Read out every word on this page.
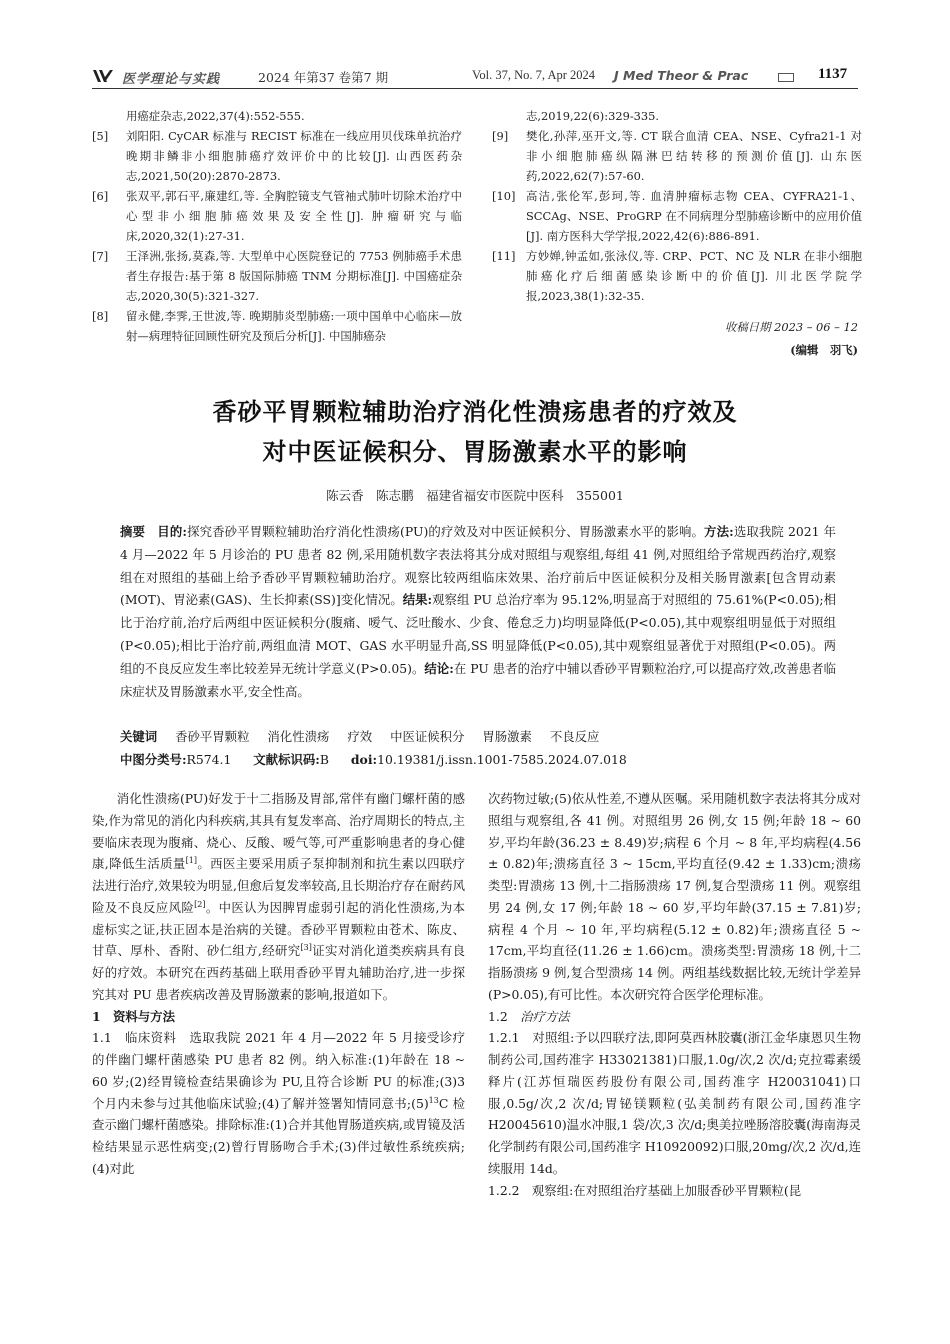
医学理论与实践	2024 年第37 卷第7 期	Vol. 37, No. 7, Apr 2024 J Med Theor & Prac	1137
用癌症杂志,2022,37(4):552-555.
[5]	刘阳阳. CyCAR 标准与 RECIST 标准在一线应用贝伐珠单抗治疗晚期非鳞非小细胞肺癌疗效评价中的比较[J]. 山西医药杂志,2021,50(20):2870-2873.
[6]	张双平,郭石平,廉建红,等. 全胸腔镜支气管袖式肺叶切除术治疗中心型非小细胞肺癌效果及安全性[J]. 肿瘤研究与临床,2020,32(1):27-31.
[7]	王泽洲,张扬,莫森,等. 大型单中心医院登记的 7753 例肺癌手术患者生存报告:基于第 8 版国际肺癌 TNM 分期标准[J]. 中国癌症杂志,2020,30(5):321-327.
[8]	留永健,李霁,王世波,等. 晚期肺炎型肺癌:一项中国单中心临床—放射—病理特征回顾性研究及预后分析[J]. 中国肺癌杂
志,2019,22(6):329-335.
[9]	樊化,孙萍,巫开文,等. CT 联合血清 CEA、NSE、Cyfra21-1 对非小细胞肺癌纵隔淋巴结转移的预测价值[J]. 山东医药,2022,62(7):57-60.
[10] 高洁,张伦军,彭珂,等. 血清肿瘤标志物 CEA、CYFRA21-1、SCCAg、NSE、ProGRP 在不同病理分型肺癌诊断中的应用价值[J]. 南方医科大学学报,2022,42(6):886-891.
[11] 方妙婵,钟孟如,张泳仪,等. CRP、PCT、NC 及 NLR 在非小细胞肺癌化疗后细菌感染诊断中的价值[J]. 川北医学院学报,2023,38(1):32-35.
收稿日期 2023 – 06 – 12
(编辑　羽飞)
香砂平胃颗粒辅助治疗消化性溃疡患者的疗效及
对中医证候积分、胃肠激素水平的影响
陈云香　陈志鹏　福建省福安市医院中医科　355001
摘要 目的:探究香砂平胃颗粒辅助治疗消化性溃疡(PU)的疗效及对中医证候积分、胃肠激素水平的影响。方法:选取我院 2021 年 4 月—2022 年 5 月诊治的 PU 患者 82 例,采用随机数字表法将其分成对照组与观察组,每组 41 例,对照组给予常规西药治疗,观察组在对照组的基础上给予香砂平胃颗粒辅助治疗。观察比较两组临床效果、治疗前后中医证候积分及相关肠胃激素[包含胃动素(MOT)、胃泌素(GAS)、生长抑素(SS)]变化情况。结果:观察组 PU 总治疗率为 95.12%,明显高于对照组的 75.61%(P<0.05);相比于治疗前,治疗后两组中医证候积分(腹痛、嗳气、泛吐酸水、少食、倦怠乏力)均明显降低(P<0.05),其中观察组明显低于对照组(P<0.05);相比于治疗前,两组血清 MOT、GAS 水平明显升高,SS 明显降低(P<0.05),其中观察组显著优于对照组(P<0.05)。两组的不良反应发生率比较差异无统计学意义(P>0.05)。结论:在 PU 患者的治疗中辅以香砂平胃颗粒治疗,可以提高疗效,改善患者临床症状及胃肠激素水平,安全性高。
关键词 香砂平胃颗粒 消化性溃疡 疗效 中医证候积分 胃肠激素 不良反应
中图分类号:R574.1 文献标识码:B doi:10.19381/j.issn.1001-7585.2024.07.018

消化性溃疡(PU)好发于十二指肠及胃部,常伴有幽门螺杆菌的感染,作为常见的消化内科疾病,其具有复发率高、治疗周期长的特点,主要临床表现为腹痛、烧心、反酸、嗳气等,可严重影响患者的身心健康,降低生活质量[1]。西医主要采用质子泵抑制剂和抗生素以四联疗法进行治疗,效果较为明显,但愈后复发率较高,且长期治疗存在耐药风险及不良反应风险[2]。中医认为因脾胃虚弱引起的消化性溃疡,为本虚标实之证,扶正固本是治病的关键。香砂平胃颗粒由苍术、陈皮、甘草、厚朴、香附、砂仁组方,经研究[3]证实对消化道类疾病具有良好的疗效。本研究在西药基础上联用香砂平胃丸辅助治疗,进一步探究其对 PU 患者疾病改善及胃肠激素的影响,报道如下。

1　资料与方法

1.1　临床资料 选取我院 2021 年 4 月—2022 年 5 月接受诊疗的伴幽门螺杆菌感染 PU 患者 82 例。纳入标准:(1)年龄在 18 ~ 60 岁;(2)经胃镜检查结果确诊为 PU,且符合诊断 PU 的标准;(3)3 个月内未参与过其他临床试验;(4)了解并签署知情同意书$;(5)^{13}C$ 检查示幽门螺杆菌感染。排除标准:(1)合并其他胃肠道疾病,或胃镜及活检结果显示恶性病变;(2)曾行胃肠吻合手术;(3)伴过敏性系统疾病;(4)对此

次药物过敏;(5)依从性差,不遵从医嘱。采用随机数字表法将其分成对照组与观察组,各 41 例。对照组男 26 例,女 15 例;年龄 18 ~ 60 岁,平均年龄(36.23 ± 8.49)岁;病程 6 个月 ~ 8 年,平均病程(4.56 ± 0.82)年;溃疡直径 3 ~ 15cm,平均直径(9.42 ± 1.33)cm;溃疡类型:胃溃疡 13 例,十二指肠溃疡 17 例,复合型溃疡 11 例。观察组男 24 例,女 17 例;年龄 18 ~ 60 岁,平均年龄(37.15 ± 7.81)岁;病程 4 个月 ~ 10 年,平均病程(5.12 ± 0.82)年;溃疡直径 5 ~ 17cm,平均直径(11.26 ± 1.66)cm。溃疡类型:胃溃疡 18 例,十二指肠溃疡 9 例,复合型溃疡 14 例。两组基线数据比较,无统计学差异(P>0.05),有可比性。本次研究符合医学伦理标准。

1.2　治疗方法

1.2.1　对照组:予以四联疗法,即阿莫西林胶囊(浙江金华康恩贝生物制药公司,国药准字 H33021381)口服,1.0g/次,2 次/d;克拉霉素缓释片(江苏恒瑞医药股份有限公司,国药准字 H20031041)口服,0.5g/次,2 次/d;胃铋镁颗粒(弘美制药有限公司,国药准字 H20045610)温水冲服,1 袋/次,3 次/d;奥美拉唑肠溶胶囊(海南海灵化学制药有限公司,国药准字 H10920092)口服,20mg/次,2 次/d,连续服用 14d。

1.2.2　观察组:在对照组治疗基础上加服香砂平胃颗粒(昆
